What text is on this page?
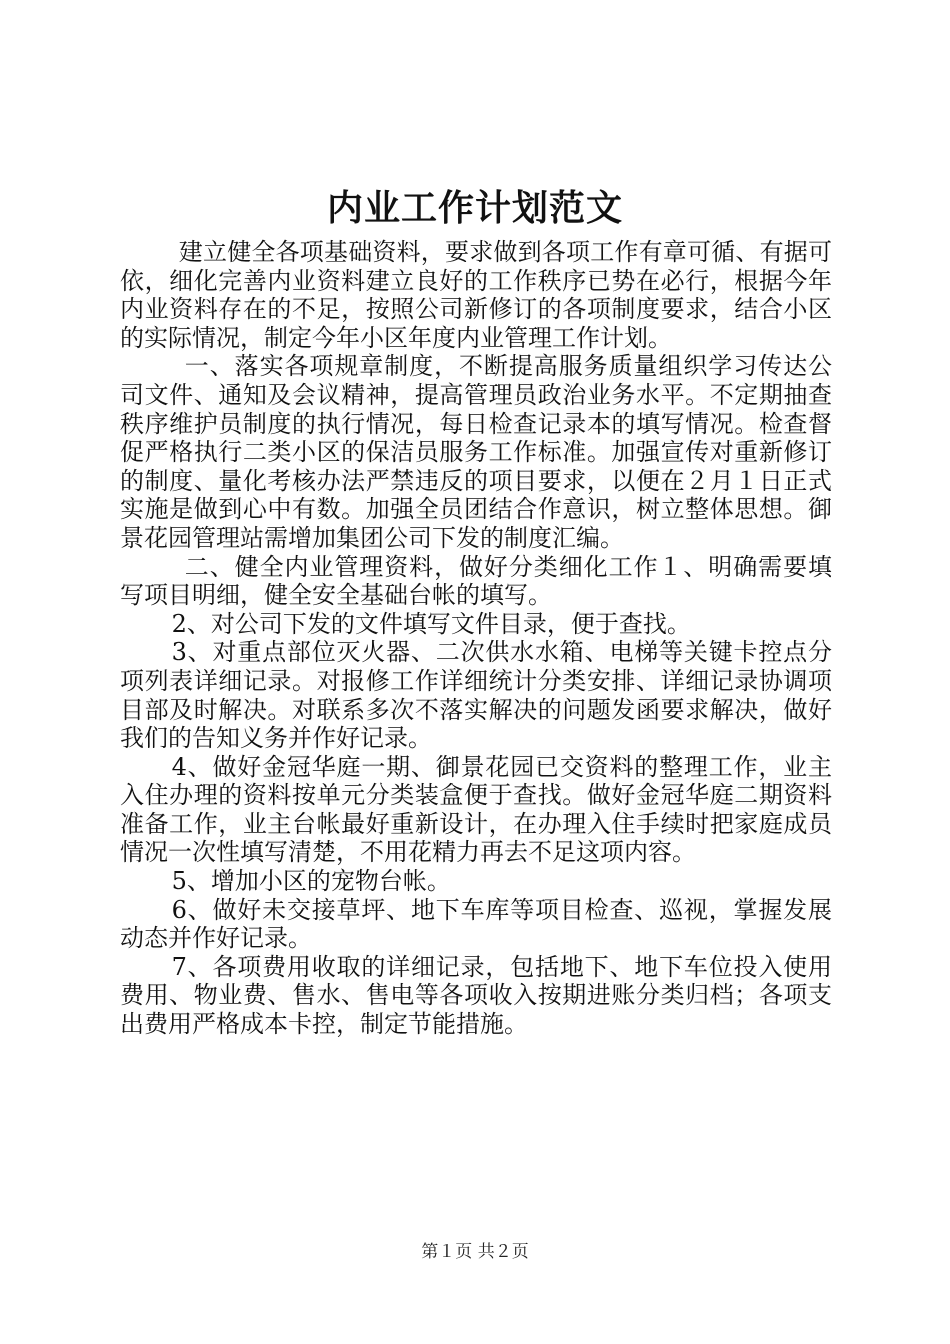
内业工作计划范文

建立健全各项基础资料，要求做到各项工作有章可循、有据可依，细化完善内业资料建立良好的工作秩序已势在必行，根据今年内业资料存在的不足，按照公司新修订的各项制度要求，结合小区的实际情况，制定今年小区年度内业管理工作计划。

一、落实各项规章制度，不断提高服务质量组织学习传达公司文件、通知及会议精神，提高管理员政治业务水平。不定期抽查秩序维护员制度的执行情况，每日检查记录本的填写情况。检查督促严格执行二类小区的保洁员服务工作标准。加强宣传对重新修订的制度、量化考核办法严禁违反的项目要求，以便在２月１日正式实施是做到心中有数。加强全员团结合作意识，树立整体思想。御景花园管理站需增加集团公司下发的制度汇编。

二、健全内业管理资料，做好分类细化工作１、明确需要填写项目明细，健全安全基础台帐的填写。

2、对公司下发的文件填写文件目录，便于查找。

3、对重点部位灭火器、二次供水水箱、电梯等关键卡控点分项列表详细记录。对报修工作详细统计分类安排、详细记录协调项目部及时解决。对联系多次不落实解决的问题发函要求解决，做好我们的告知义务并作好记录。

4、做好金冠华庭一期、御景花园已交资料的整理工作，业主入住办理的资料按单元分类装盒便于查找。做好金冠华庭二期资料准备工作，业主台帐最好重新设计，在办理入住手续时把家庭成员情况一次性填写清楚，不用花精力再去不足这项内容。

5、增加小区的宠物台帐。

6、做好未交接草坪、地下车库等项目检查、巡视，掌握发展动态并作好记录。

7、各项费用收取的详细记录，包括地下、地下车位投入使用费用、物业费、售水、售电等各项收入按期进账分类归档；各项支出费用严格成本卡控，制定节能措施。

第１页 共２页
